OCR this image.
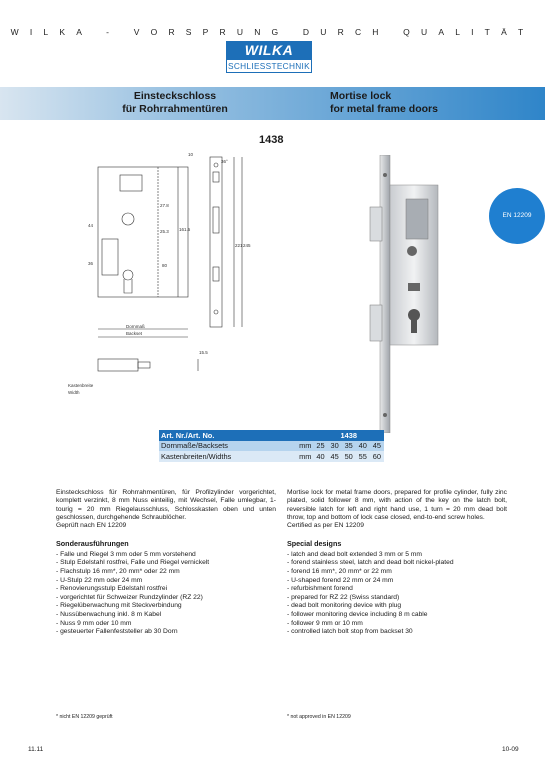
WILKA - VORSPRUNG DURCH QUALITÄT
WILKA
SCHLIESSTECHNIK
Einsteckschloss
für Rohrrahmentüren
Mortise lock
for metal frame doors
1438
EN 12209
10
36°
27.8
25.3
80
161.5
221 245
44
36
15.5
Dornmaß
Backset
Kastenbreite
Width
Art. Nr./Art. No.		1438				
Dornmaße/Backsets	mm	25	30	35	40	45
Kastenbreiten/Widths	mm	40	45	50	55	60

Einsteckschloss für Rohrrahmentüren, für Profilzylinder vorgerichtet, komplett verzinkt, 8 mm Nuss einteilig, mit Wechsel, Falle umlegbar, 1-tourig = 20 mm Riegelausschluss, Schlosskasten oben und unten geschlossen, durchgehende Schraublöcher.

Geprüft nach EN 12209

Sonderausführungen
- Falle und Riegel 3 mm oder 5 mm vorstehend
- Stulp Edelstahl rostfrei, Falle und Riegel vernickelt
- Flachstulp 16 mm*, 20 mm* oder 22 mm
- U-Stulp 22 mm oder 24 mm
- Renovierungsstulp Edelstahl rostfrei
- vorgerichtet für Schweizer Rundzylinder (RZ 22)
- Riegelüberwachung mit Steckverbindung
- Nussüberwachung inkl. 8 m Kabel
- Nuss 9 mm oder 10 mm
- gesteuerter Fallenfeststeller ab 30 Dorn

Mortise lock for metal frame doors, prepared for profile cylinder, fully zinc plated, solid follower 8 mm, with action of the key on the latch bolt, reversible latch for left and right hand use, 1 turn = 20 mm dead bolt throw, top and bottom of lock case closed, end-to-end screw holes.

Certified as per EN 12209

Special designs
- latch and dead bolt extended 3 mm or 5 mm
- forend stainless steel, latch and dead bolt nickel-plated
- forend 16 mm*, 20 mm* or 22 mm
- U-shaped forend 22 mm or 24 mm
- refurbishment forend
- prepared for RZ 22 (Swiss standard)
- dead bolt monitoring device with plug
- follower monitoring device including 8 m cable
- follower 9 mm or 10 mm
- controlled latch bolt stop from backset 30
* nicht EN 12209 geprüft	* not approved in EN 12209
11.11	10-09
